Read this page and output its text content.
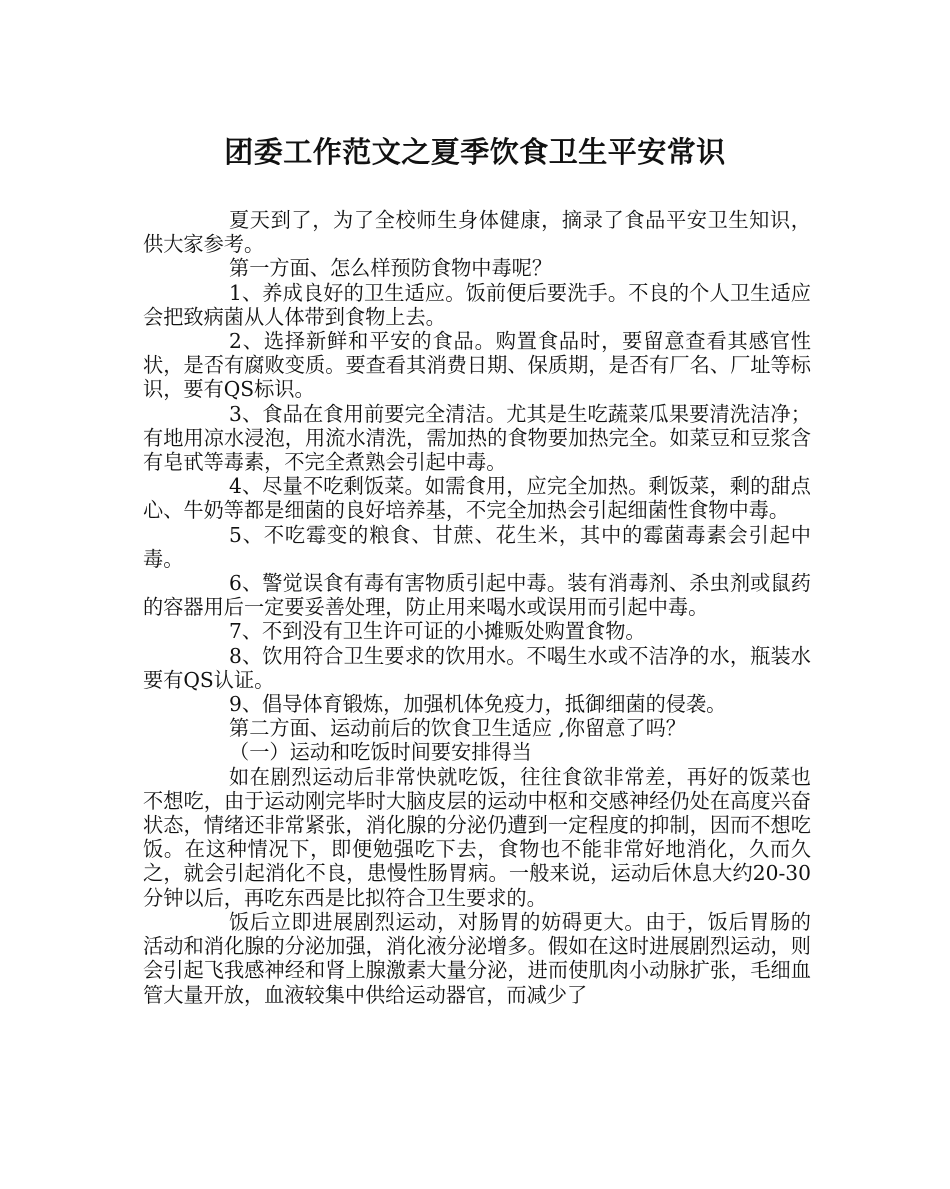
团委工作范文之夏季饮食卫生平安常识

夏天到了，为了全校师生身体健康，摘录了食品平安卫生知识，供大家参考。

第一方面、怎么样预防食物中毒呢？

1、养成良好的卫生适应。饭前便后要洗手。不良的个人卫生适应会把致病菌从人体带到食物上去。

2、选择新鲜和平安的食品。购置食品时，要留意查看其感官性状，是否有腐败变质。要查看其消费日期、保质期，是否有厂名、厂址等标识，要有QS标识。

3、食品在食用前要完全清洁。尤其是生吃蔬菜瓜果要清洗洁净；有地用凉水浸泡，用流水清洗，需加热的食物要加热完全。如菜豆和豆浆含有皂甙等毒素，不完全煮熟会引起中毒。

4、尽量不吃剩饭菜。如需食用，应完全加热。剩饭菜，剩的甜点心、牛奶等都是细菌的良好培养基，不完全加热会引起细菌性食物中毒。

5、不吃霉变的粮食、甘蔗、花生米，其中的霉菌毒素会引起中毒。

6、警觉误食有毒有害物质引起中毒。装有消毒剂、杀虫剂或鼠药的容器用后一定要妥善处理，防止用来喝水或误用而引起中毒。

7、不到没有卫生许可证的小摊贩处购置食物。

8、饮用符合卫生要求的饮用水。不喝生水或不洁净的水，瓶装水要有QS认证。

9、倡导体育锻炼，加强机体免疫力，抵御细菌的侵袭。

第二方面、运动前后的饮食卫生适应 ,你留意了吗？

（一）运动和吃饭时间要安排得当

如在剧烈运动后非常快就吃饭，往往食欲非常差，再好的饭菜也不想吃，由于运动刚完毕时大脑皮层的运动中枢和交感神经仍处在高度兴奋状态，情绪还非常紧张，消化腺的分泌仍遭到一定程度的抑制，因而不想吃饭。在这种情况下，即便勉强吃下去，食物也不能非常好地消化，久而久之，就会引起消化不良，患慢性肠胃病。一般来说，运动后休息大约20-30分钟以后，再吃东西是比拟符合卫生要求的。

饭后立即进展剧烈运动，对肠胃的妨碍更大。由于，饭后胃肠的活动和消化腺的分泌加强，消化液分泌增多。假如在这时进展剧烈运动，则会引起飞我感神经和肾上腺激素大量分泌，进而使肌肉小动脉扩张，毛细血管大量开放，血液较集中供给运动器官，而减少了
